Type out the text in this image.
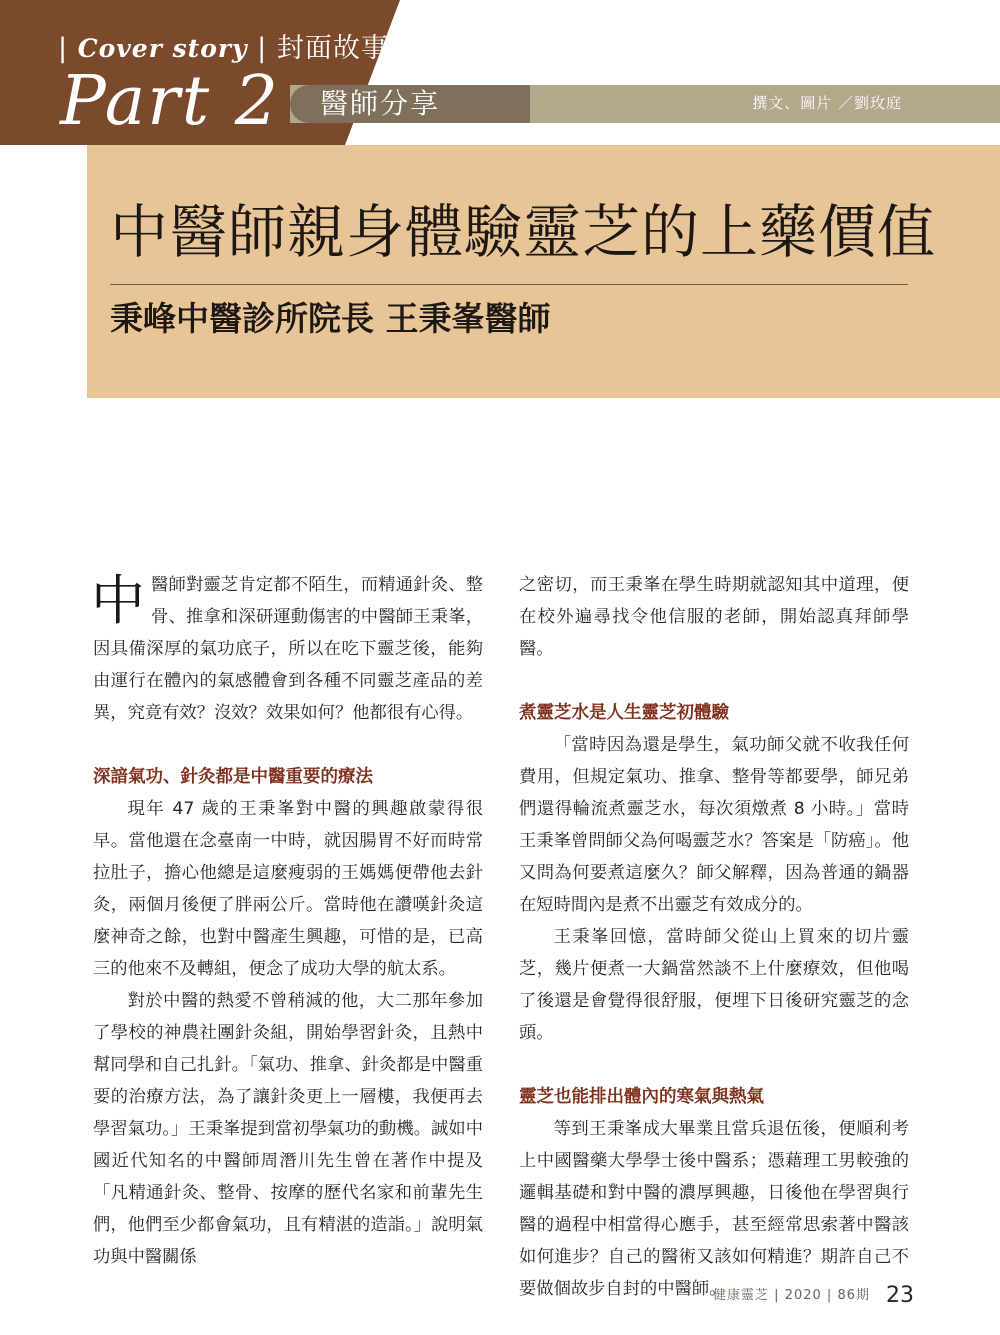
| Cover story | 封面故事
Part 2 醫師分享	撰文、圖片 ／劉玫庭
中醫師親身體驗靈芝的上藥價值
秉峰中醫診所院長 王秉峯醫師

中醫師對靈芝肯定都不陌生，而精通針灸、整骨、推拿和深研運動傷害的中醫師王秉峯，因具備深厚的氣功底子，所以在吃下靈芝後，能夠由運行在體內的氣感體會到各種不同靈芝產品的差異，究竟有效？沒效？效果如何？他都很有心得。

深諳氣功、針灸都是中醫重要的療法

現年 47 歲的王秉峯對中醫的興趣啟蒙得很早。當他還在念臺南一中時，就因腸胃不好而時常拉肚子，擔心他總是這麼瘦弱的王媽媽便帶他去針灸，兩個月後便了胖兩公斤。當時他在讚嘆針灸這麼神奇之餘，也對中醫產生興趣，可惜的是，已高三的他來不及轉組，便念了成功大學的航太系。

對於中醫的熱愛不曾稍減的他，大二那年參加了學校的神農社團針灸組，開始學習針灸，且熱中幫同學和自己扎針。「氣功、推拿、針灸都是中醫重要的治療方法，為了讓針灸更上一層樓，我便再去學習氣功。」王秉峯提到當初學氣功的動機。誠如中國近代知名的中醫師周潛川先生曾在著作中提及「凡精通針灸、整骨、按摩的歷代名家和前輩先生們，他們至少都會氣功，且有精湛的造詣。」說明氣功與中醫關係

之密切，而王秉峯在學生時期就認知其中道理，便在校外遍尋找令他信服的老師，開始認真拜師學醫。

煮靈芝水是人生靈芝初體驗

「當時因為還是學生，氣功師父就不收我任何費用，但規定氣功、推拿、整骨等都要學，師兄弟們還得輪流煮靈芝水，每次須燉煮 8 小時。」當時王秉峯曾問師父為何喝靈芝水？答案是「防癌」。他又問為何要煮這麼久？師父解釋，因為普通的鍋器在短時間內是煮不出靈芝有效成分的。

王秉峯回憶，當時師父從山上買來的切片靈芝，幾片便煮一大鍋當然談不上什麼療效，但他喝了後還是會覺得很舒服，便埋下日後研究靈芝的念頭。

靈芝也能排出體內的寒氣與熱氣

等到王秉峯成大畢業且當兵退伍後，便順利考上中國醫藥大學學士後中醫系；憑藉理工男較強的邏輯基礎和對中醫的濃厚興趣，日後他在學習與行醫的過程中相當得心應手，甚至經常思索著中醫該如何進步？自己的醫術又該如何精進？期許自己不要做個故步自封的中醫師。

健康靈芝 | 2020 | 86期 23
